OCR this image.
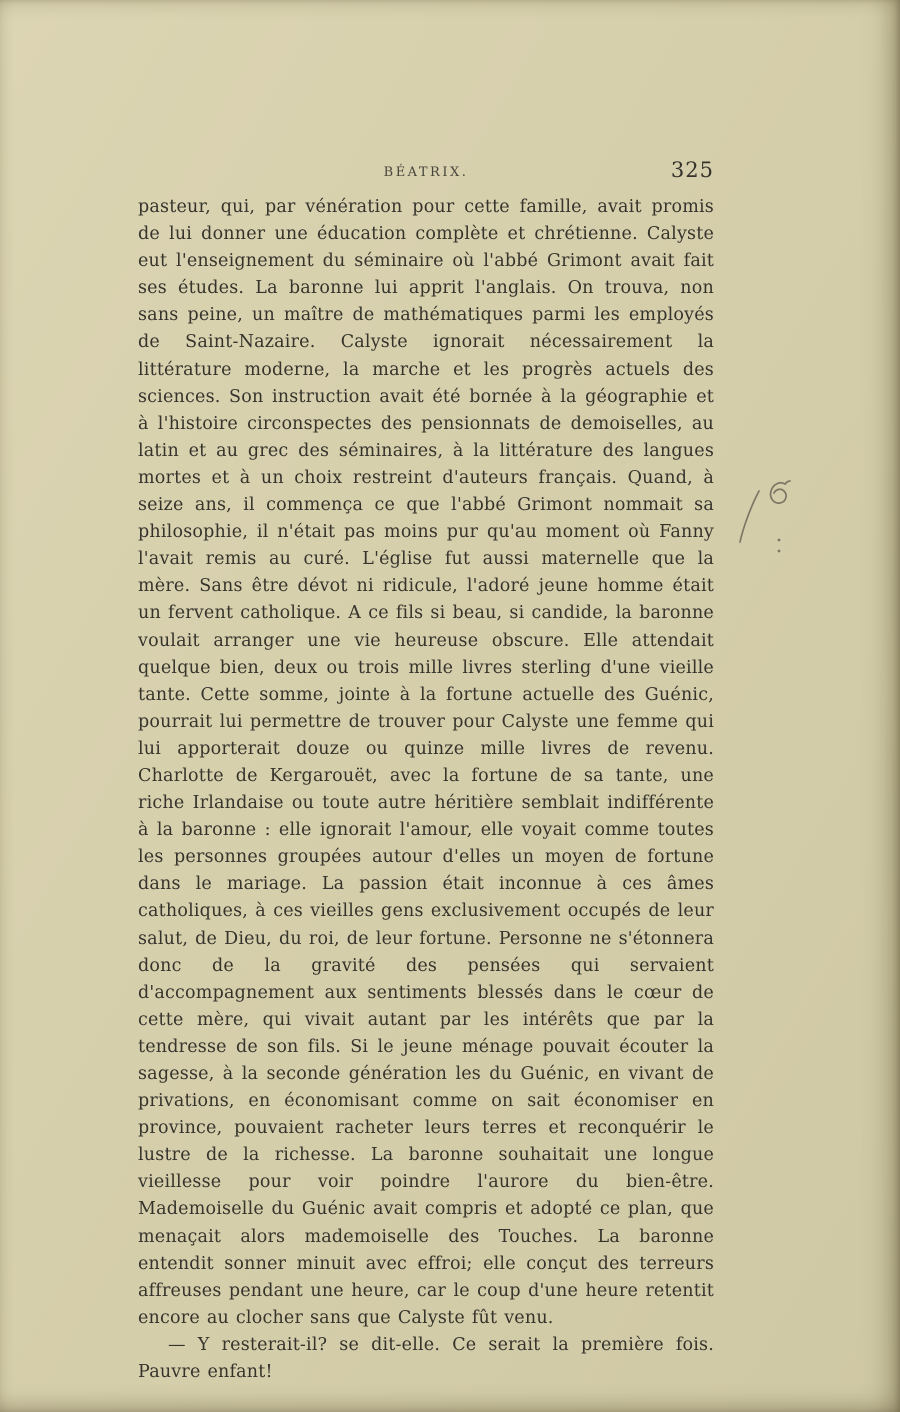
BÉATRIX.	325

pasteur, qui, par vénération pour cette famille, avait promis de lui donner une éducation complète et chrétienne. Calyste eut l'enseignement du séminaire où l'abbé Grimont avait fait ses études. La baronne lui apprit l'anglais. On trouva, non sans peine, un maître de mathématiques parmi les employés de Saint-Nazaire. Calyste ignorait nécessairement la littérature moderne, la marche et les progrès actuels des sciences. Son instruction avait été bornée à la géographie et à l'histoire circonspectes des pensionnats de demoiselles, au latin et au grec des séminaires, à la littérature des langues mortes et à un choix restreint d'auteurs français. Quand, à seize ans, il commença ce que l'abbé Grimont nommait sa philosophie, il n'était pas moins pur qu'au moment où Fanny l'avait remis au curé. L'église fut aussi maternelle que la mère. Sans être dévot ni ridicule, l'adoré jeune homme était un fervent catholique. A ce fils si beau, si candide, la baronne voulait arranger une vie heureuse obscure. Elle attendait quelque bien, deux ou trois mille livres sterling d'une vieille tante. Cette somme, jointe à la fortune actuelle des Guénic, pourrait lui permettre de trouver pour Calyste une femme qui lui apporterait douze ou quinze mille livres de revenu. Charlotte de Kergarouët, avec la fortune de sa tante, une riche Irlandaise ou toute autre héritière semblait indifférente à la baronne : elle ignorait l'amour, elle voyait comme toutes les personnes groupées autour d'elles un moyen de fortune dans le mariage. La passion était inconnue à ces âmes catholiques, à ces vieilles gens exclusivement occupés de leur salut, de Dieu, du roi, de leur fortune. Personne ne s'étonnera donc de la gravité des pensées qui servaient d'accompagnement aux sentiments blessés dans le cœur de cette mère, qui vivait autant par les intérêts que par la tendresse de son fils. Si le jeune ménage pouvait écouter la sagesse, à la seconde génération les du Guénic, en vivant de privations, en économisant comme on sait économiser en province, pouvaient racheter leurs terres et reconquérir le lustre de la richesse. La baronne souhaitait une longue vieillesse pour voir poindre l'aurore du bien-être. Mademoiselle du Guénic avait compris et adopté ce plan, que menaçait alors mademoiselle des Touches. La baronne entendit sonner minuit avec effroi; elle conçut des terreurs affreuses pendant une heure, car le coup d'une heure retentit encore au clocher sans que Calyste fût venu.

— Y resterait-il? se dit-elle. Ce serait la première fois. Pauvre enfant!
